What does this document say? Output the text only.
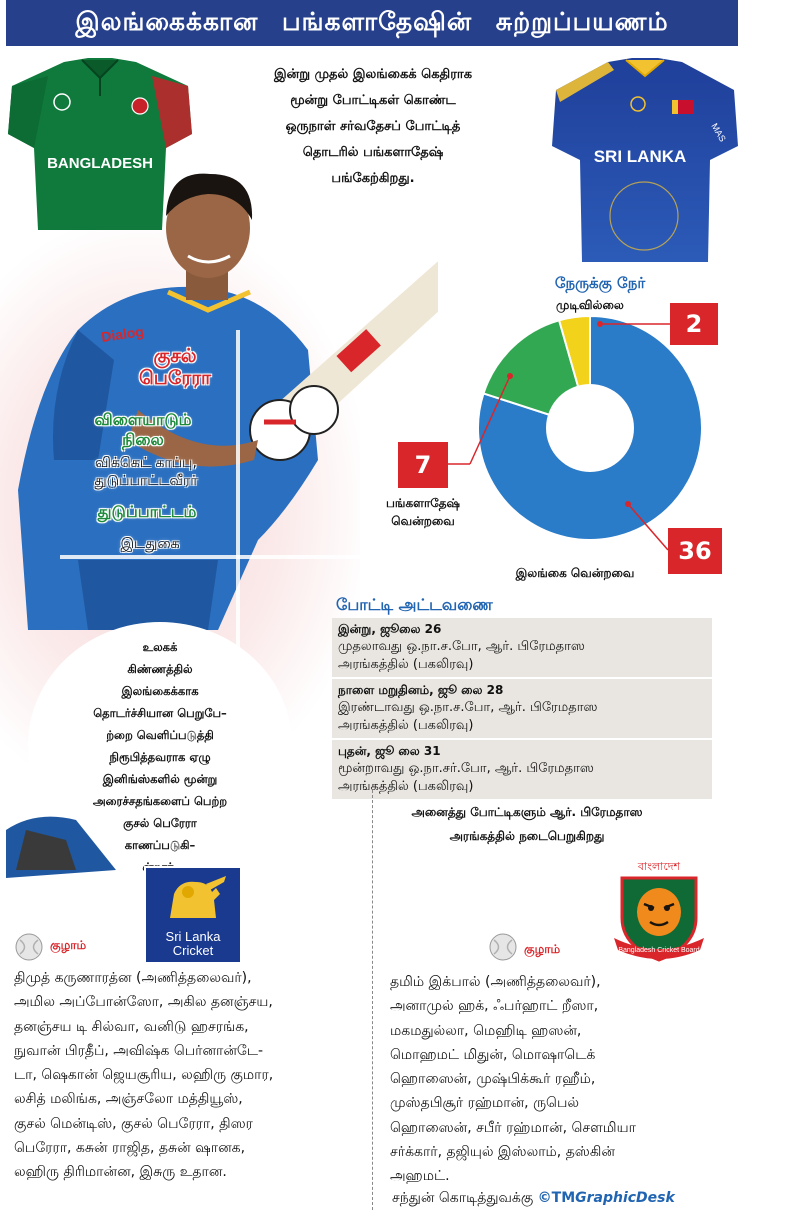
இலங்கைக்கான பங்களாதேஷின் சுற்றுப்பயணம்
BANGLADESH	SRI LANKA
MAS
இன்று முதல் இலங்கைக் கெதிராக
மூன்று போட்டிகள் கொண்ட
ஒருநாள் சர்வதேசப் போட்டித்
தொடரில் பங்களாதேஷ்
பங்கேற்கிறது.
Dialog
குசல்
பெரேரா
விளையாடும்
நிலை
விக்கெட் காப்பு,
துடுப்பாட்டவீரர்
துடுப்பாட்டம்
இடதுகை
நேருக்கு நேர்
முடிவில்லை
2
7
36
பங்களாதேஷ்
வென்றவை
இலங்கை வென்றவை
போட்டி அட்டவணை
இன்று, ஜூலை 26
முதலாவது ஒ.நா.ச.போ, ஆர். பிரேமதாஸ
அரங்கத்தில் (பகலிரவு)
நாளை மறுதினம், ஜூ லை 28
இரண்டாவது ஒ.நா.ச.போ, ஆர். பிரேமதாஸ
அரங்கத்தில் (பகலிரவு)
புதன், ஜூ லை 31
மூன்றாவது ஒ.நா.சர்.போ, ஆர். பிரேமதாஸ
அரங்கத்தில் (பகலிரவு)
அனைத்து போட்டிகளும் ஆர். பிரேமதாஸ
அரங்கத்தில் நடைபெறுகிறது
உலகக்
கிண்ணத்தில்
இலங்கைக்காக
தொடர்ச்சியான பெறுபே–
ற்றை வெளிப்படுத்தி
நிரூபித்தவராக ஏழு
இனிங்ஸ்களில் மூன்று
அரைச்சதங்களைப் பெற்ற
குசல் பெரேரா
காணப்படுகி–
Sri Lanka
Cricket
বাংলাদেশ
Bangladesh Cricket Board
குழாம்
திமுத் கருணாரத்ன (அணித்தலைவர்),
அமில அப்போன்ஸோ, அகில தனஞ்சய,
தனஞ்சய டி சில்வா, வனிடு ஹசரங்க,
நுவான் பிரதீப், அவிஷ்க பெர்னான்டே-
டா, ஷெகான் ஜெயசூரிய, லஹிரு குமார,
லசித் மலிங்க, அஞ்சலோ மத்தியூஸ்,
குசல் மென்டிஸ், குசல் பெரேரா, திஸர
பெரேரா, கசுன் ராஜித, தசுன் ஷானக,
லஹிரு திரிமான்ன, இசுரு உதான.
குழாம்
தமிம் இக்பால் (அணித்தலைவர்),
அனாமுல் ஹக், ஃபர்ஹாட் றீஸா,
மகமதுல்லா, மெஹிடி ஹஸன்,
மொஹமட் மிதுன், மொஷாடெக்
ஹொஸைன், முஷ்பிக்கூர் ரஹீம்,
முஸ்தபிசூர் ரஹ்மான், ருபெல்
ஹொஸைன், சபீர் ரஹ்மான், சௌமியா
சர்க்கார், தஜியுல் இஸ்லாம், தஸ்கின்
அஹமட்.
சந்துன் கொடித்துவக்கு ©TMGraphicDesk
